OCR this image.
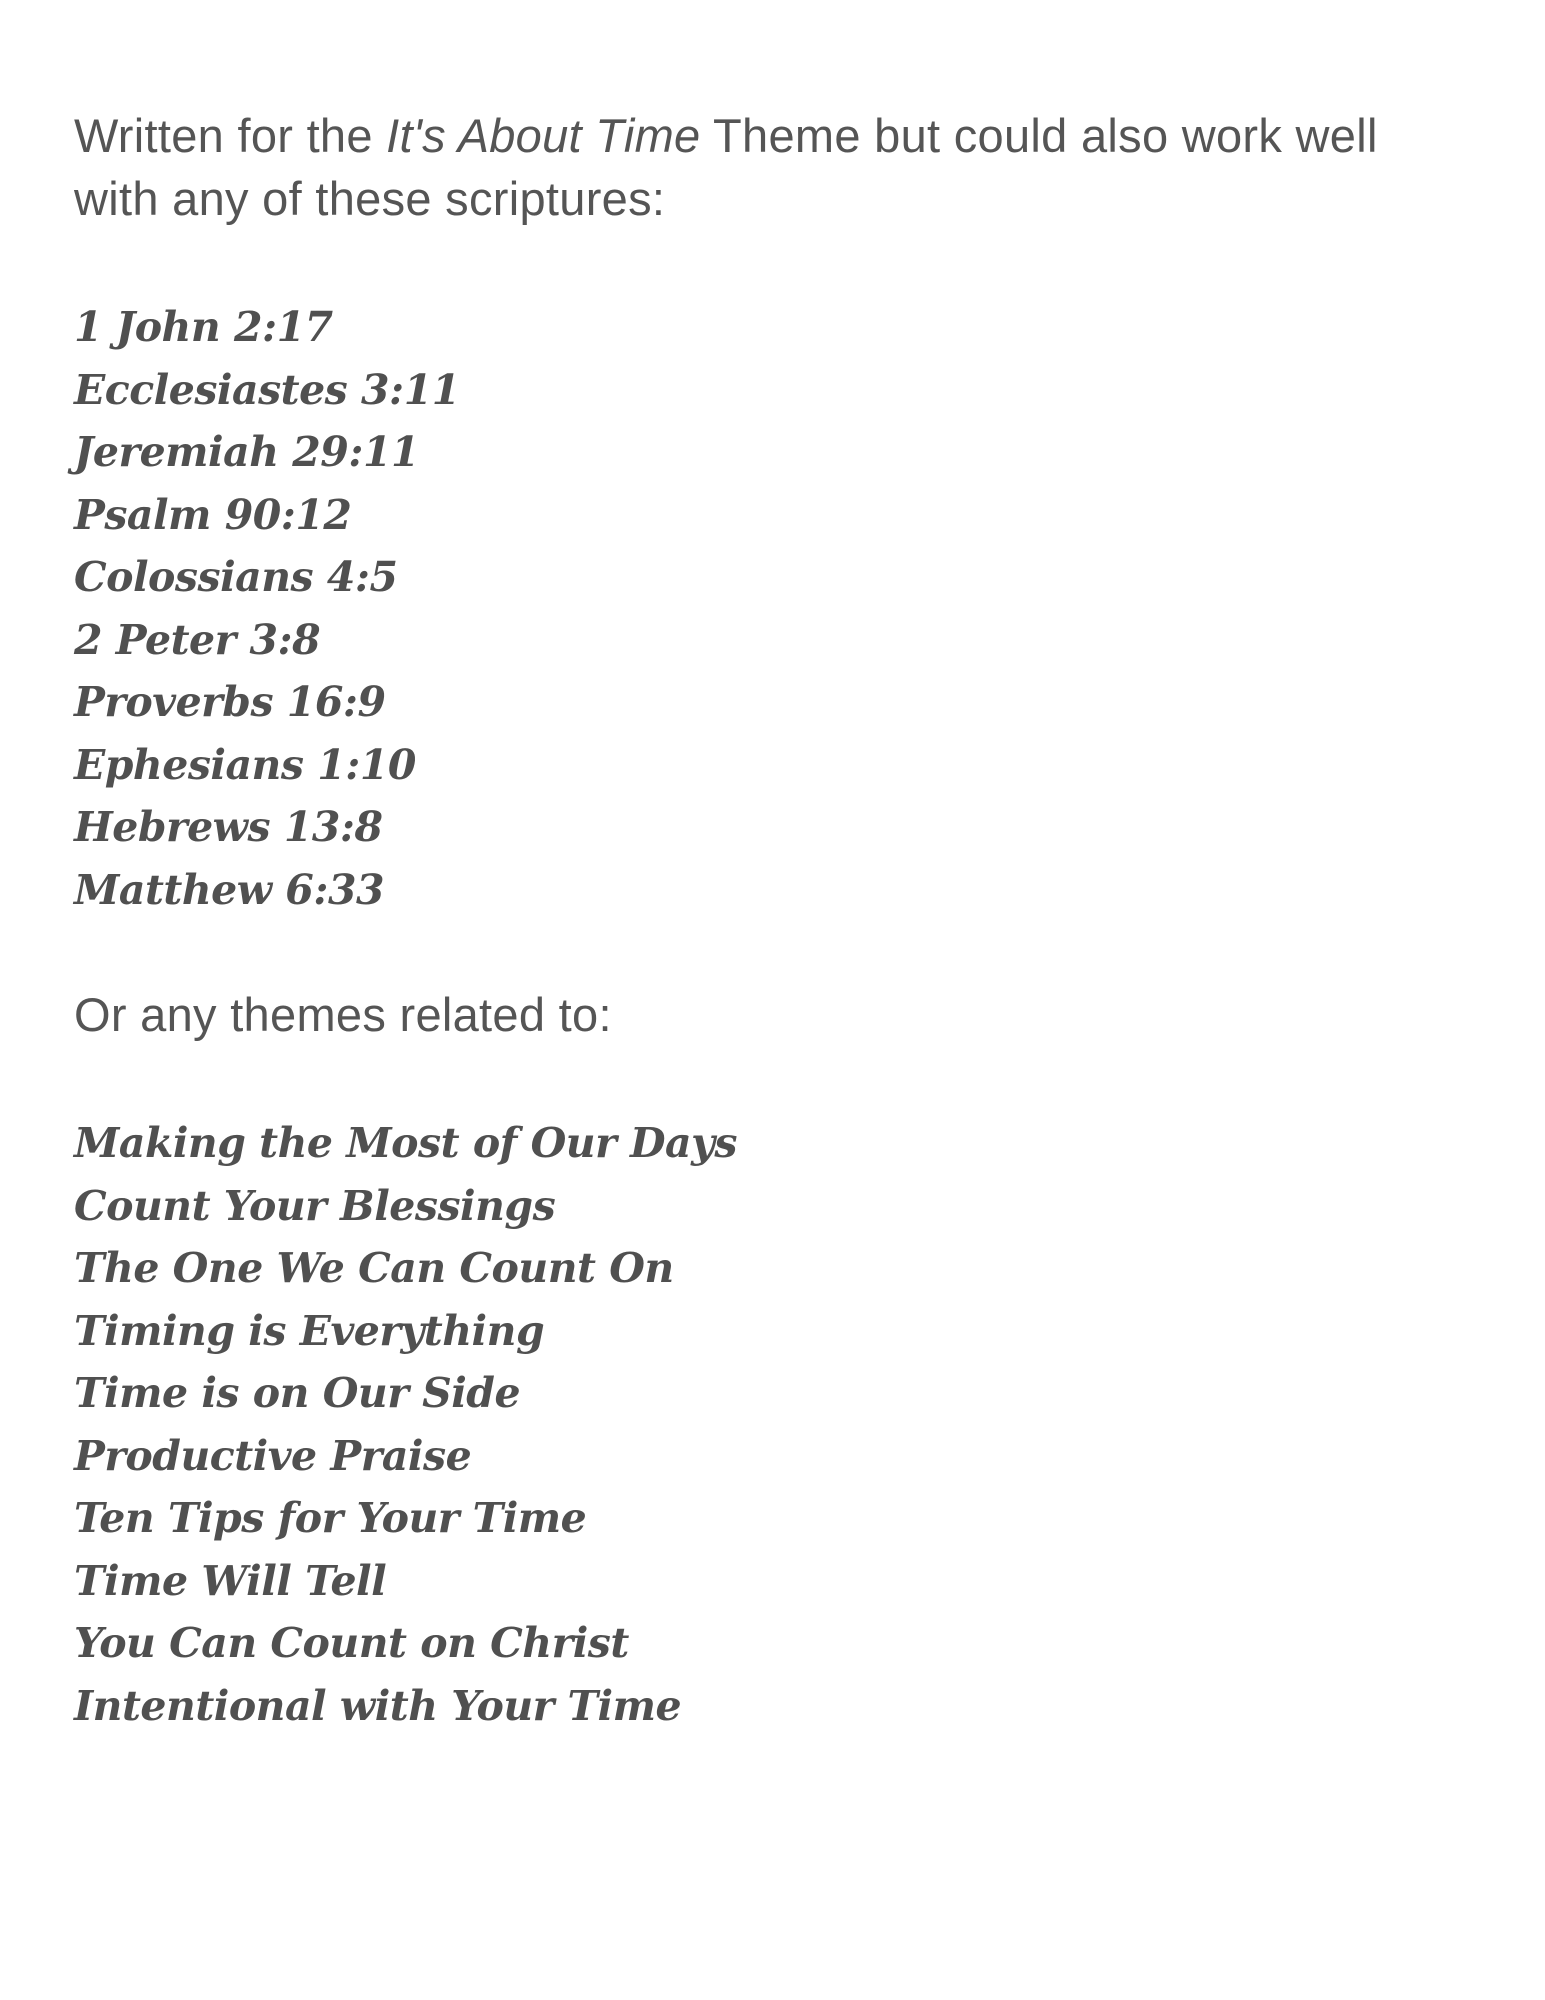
Written for the It's About Time Theme but could also work well with any of these scriptures:

1 John 2:17
Ecclesiastes 3:11
Jeremiah 29:11
Psalm 90:12
Colossians 4:5
2 Peter 3:8
Proverbs 16:9
Ephesians 1:10
Hebrews 13:8
Matthew 6:33

Or any themes related to:

Making the Most of Our Days
Count Your Blessings
The One We Can Count On
Timing is Everything
Time is on Our Side
Productive Praise
Ten Tips for Your Time
Time Will Tell
You Can Count on Christ
Intentional with Your Time
